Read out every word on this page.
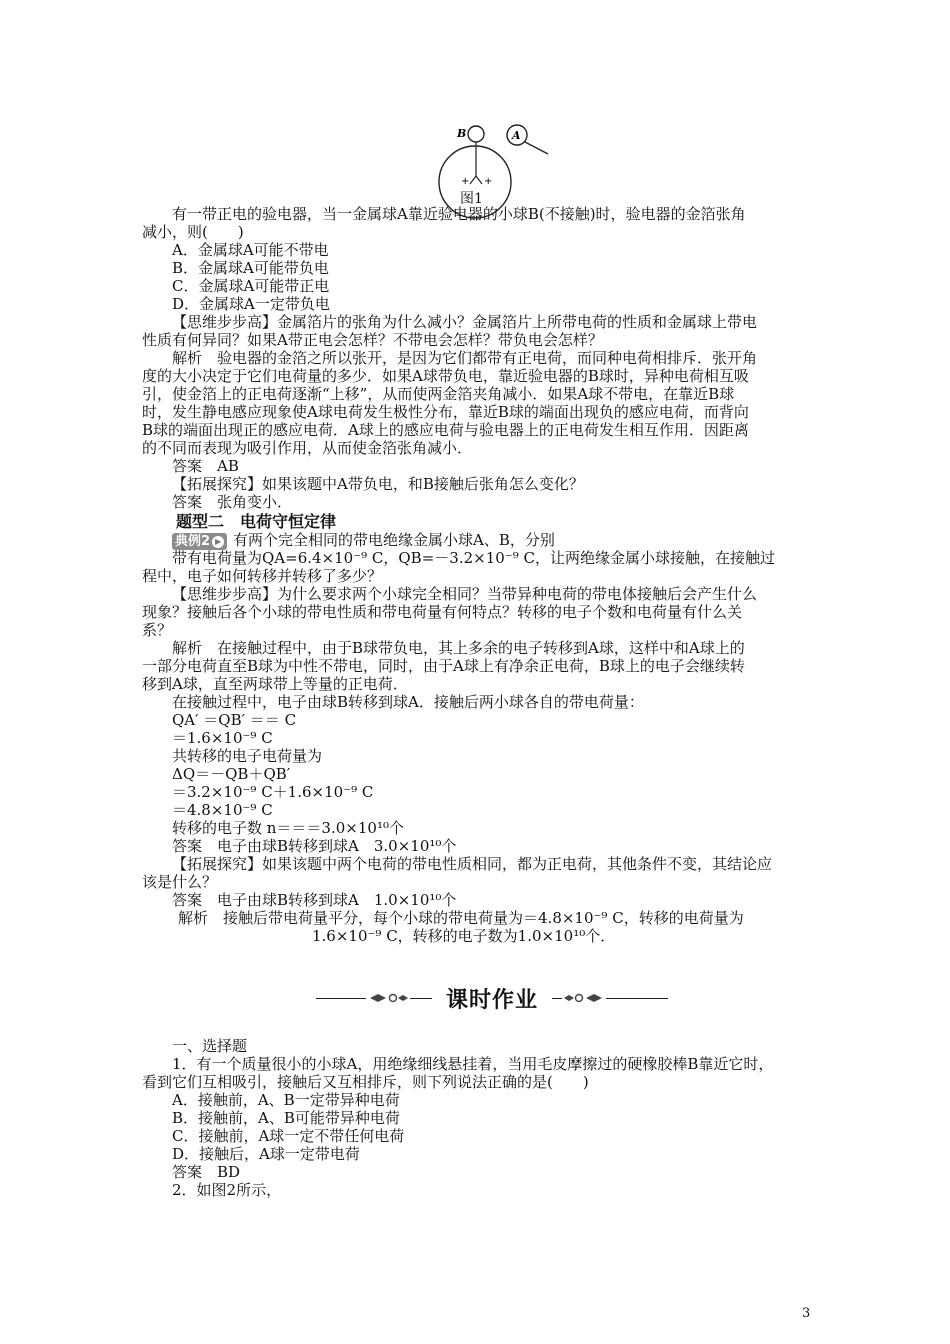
+ +
B	A
图1
有一带正电的验电器，当一金属球A靠近验电器的小球B(不接触)时，验电器的金箔张角
减小，则(　　)
A．金属球A可能不带电
B．金属球A可能带负电
C．金属球A可能带正电
D．金属球A一定带负电
【思维步步高】金属箔片的张角为什么减小？金属箔片上所带电荷的性质和金属球上带电
性质有何异同？如果A带正电会怎样？不带电会怎样？带负电会怎样？
解析　验电器的金箔之所以张开，是因为它们都带有正电荷，而同种电荷相排斥．张开角
度的大小决定于它们电荷量的多少．如果A球带负电，靠近验电器的B球时，异种电荷相互吸
引，使金箔上的正电荷逐渐“上移”，从而使两金箔夹角减小．如果A球不带电，在靠近B球
时，发生静电感应现象使A球电荷发生极性分布，靠近B球的端面出现负的感应电荷，而背向
B球的端面出现正的感应电荷．A球上的感应电荷与验电器上的正电荷发生相互作用．因距离
的不同而表现为吸引作用，从而使金箔张角减小．
答案　AB
【拓展探究】如果该题中A带负电，和B接触后张角怎么变化？
答案　张角变小．
典例2 ▶ 有两个完全相同的带电绝缘金属小球A、B，分别
带有电荷量为QA=6.4×10⁻⁹ C，QB=－3.2×10⁻⁹ C，让两绝缘金属小球接触，在接触过
程中，电子如何转移并转移了多少？
【思维步步高】为什么要求两个小球完全相同？当带异种电荷的带电体接触后会产生什么
现象？接触后各个小球的带电性质和带电荷量有何特点？转移的电子个数和电荷量有什么关
系？
解析　在接触过程中，由于B球带负电，其上多余的电子转移到A球，这样中和A球上的
一部分电荷直至B球为中性不带电，同时，由于A球上有净余正电荷，B球上的电子会继续转
移到A球，直至两球带上等量的正电荷．
在接触过程中，电子由球B转移到球A．接触后两小球各自的带电荷量：
QA′ ＝QB′ ＝＝ C
＝1.6×10⁻⁹ C
共转移的电子电荷量为
ΔQ＝－QB＋QB′
＝3.2×10⁻⁹ C＋1.6×10⁻⁹ C
＝4.8×10⁻⁹ C
转移的电子数 n＝＝＝3.0×10¹⁰个
答案　电子由球B转移到球A　3.0×10¹⁰个
【拓展探究】如果该题中两个电荷的带电性质相同，都为正电荷，其他条件不变，其结论应
该是什么？
答案　电子由球B转移到球A　1.0×10¹⁰个
解析　接触后带电荷量平分，每个小球的带电荷量为＝4.8×10⁻⁹ C，转移的电荷量为
1.6×10⁻⁹ C，转移的电子数为1.0×10¹⁰个．
一、选择题
1．有一个质量很小的小球A，用绝缘细线悬挂着，当用毛皮摩擦过的硬橡胶棒B靠近它时，
看到它们互相吸引，接触后又互相排斥，则下列说法正确的是(　　)
A．接触前，A、B一定带异种电荷
B．接触前，A、B可能带异种电荷
C．接触前，A球一定不带任何电荷
D．接触后，A球一定带电荷
答案　BD
2．如图2所示，
题型二　电荷守恒定律
课时作业
3
